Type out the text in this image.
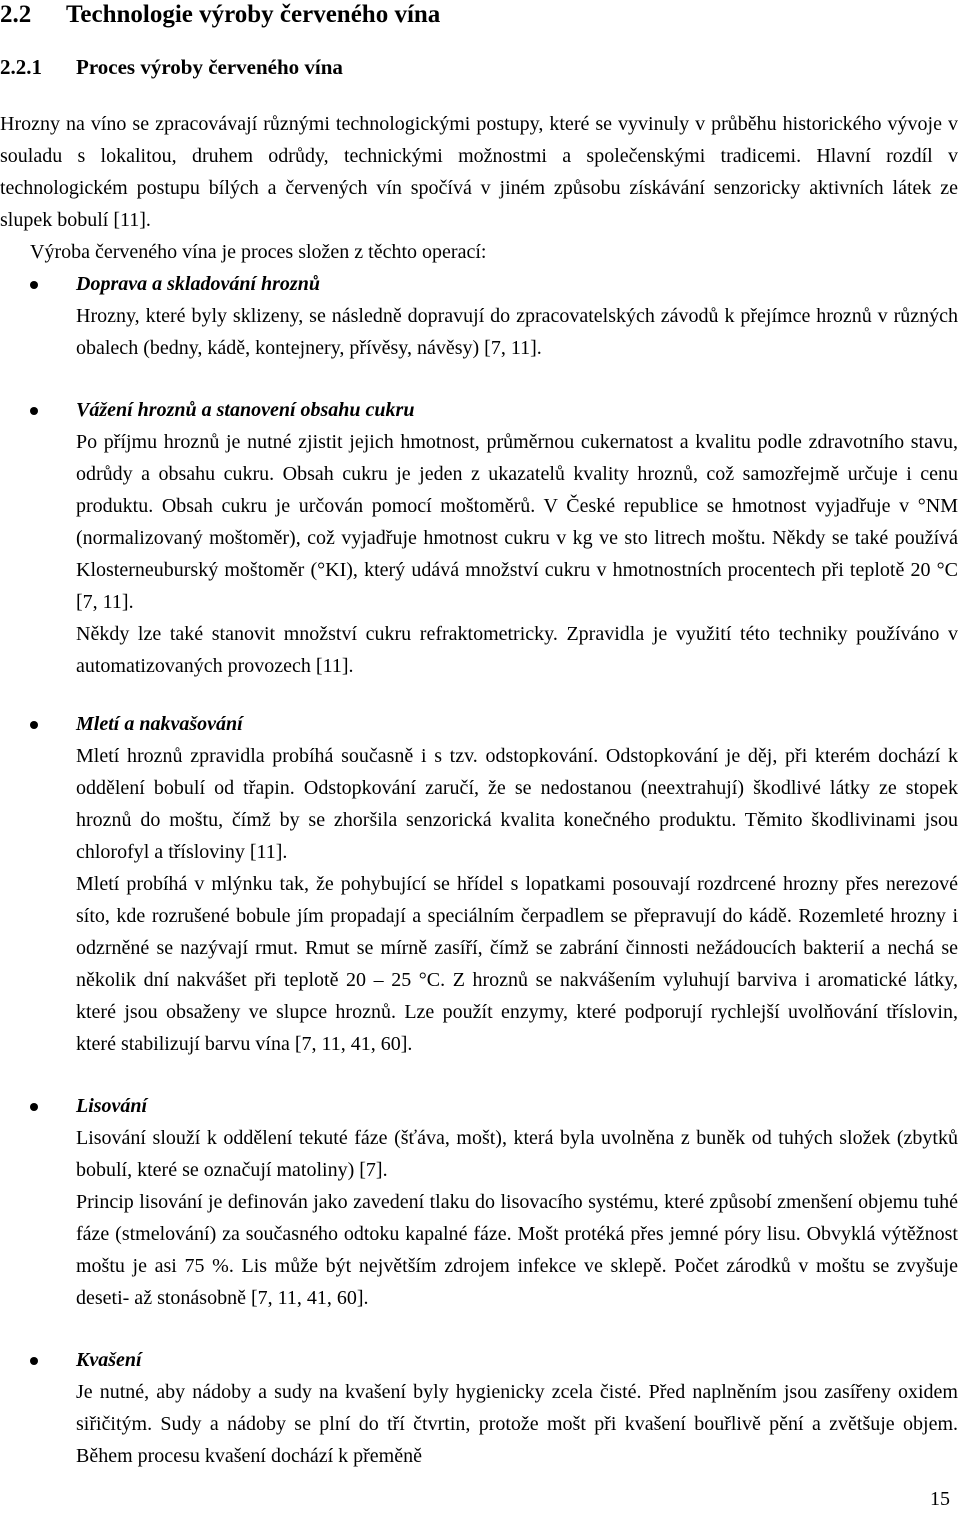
2.2 Technologie výroby červeného vína
2.2.1 Proces výroby červeného vína

Hrozny na víno se zpracovávají různými technologickými postupy, které se vyvinuly v průběhu historického vývoje v souladu s lokalitou, druhem odrůdy, technickými možnostmi a společenskými tradicemi. Hlavní rozdíl v technologickém postupu bílých a červených vín spočívá v jiném způsobu získávání senzoricky aktivních látek ze slupek bobulí [11].

Výroba červeného vína je proces složen z těchto operací:

Doprava a skladování hroznů

Hrozny, které byly sklizeny, se následně dopravují do zpracovatelských závodů k přejímce hroznů v různých obalech (bedny, kádě, kontejnery, přívěsy, návěsy) [7, 11].

Vážení hroznů a stanovení obsahu cukru

Po příjmu hroznů je nutné zjistit jejich hmotnost, průměrnou cukernatost a kvalitu podle zdravotního stavu, odrůdy a obsahu cukru. Obsah cukru je jeden z ukazatelů kvality hroznů, což samozřejmě určuje i cenu produktu. Obsah cukru je určován pomocí moštoměrů. V České republice se hmotnost vyjadřuje v °NM (normalizovaný moštoměr), což vyjadřuje hmotnost cukru v kg ve sto litrech moštu. Někdy se také používá Klosterneuburský moštoměr (°KI), který udává množství cukru v hmotnostních procentech při teplotě 20 °C [7, 11].

Někdy lze také stanovit množství cukru refraktometricky. Zpravidla je využití této techniky používáno v automatizovaných provozech [11].

Mletí a nakvašování

Mletí hroznů zpravidla probíhá současně i s tzv. odstopkování. Odstopkování je děj, při kterém dochází k oddělení bobulí od třapin. Odstopkování zaručí, že se nedostanou (neextrahují) škodlivé látky ze stopek hroznů do moštu, čímž by se zhoršila senzorická kvalita konečného produktu. Těmito škodlivinami jsou chlorofyl a třísloviny [11].

Mletí probíhá v mlýnku tak, že pohybující se hřídel s lopatkami posouvají rozdrcené hrozny přes nerezové síto, kde rozrušené bobule jím propadají a speciálním čerpadlem se přepravují do kádě. Rozemleté hrozny i odzrněné se nazývají rmut. Rmut se mírně zasíří, čímž se zabrání činnosti nežádoucích bakterií a nechá se několik dní nakvášet při teplotě 20 – 25 °C. Z hroznů se nakvášením vyluhují barviva i aromatické látky, které jsou obsaženy ve slupce hroznů. Lze použít enzymy, které podporují rychlejší uvolňování tříslovin, které stabilizují barvu vína [7, 11, 41, 60].

Lisování

Lisování slouží k oddělení tekuté fáze (šťáva, mošt), která byla uvolněna z buněk od tuhých složek (zbytků bobulí, které se označují matoliny) [7].

Princip lisování je definován jako zavedení tlaku do lisovacího systému, které způsobí zmenšení objemu tuhé fáze (stmelování) za současného odtoku kapalné fáze. Mošt protéká přes jemné póry lisu. Obvyklá výtěžnost moštu je asi 75 %. Lis může být největším zdrojem infekce ve sklepě. Počet zárodků v moštu se zvyšuje deseti- až stonásobně [7, 11, 41, 60].

Kvašení

Je nutné, aby nádoby a sudy na kvašení byly hygienicky zcela čisté. Před naplněním jsou zasířeny oxidem siřičitým. Sudy a nádoby se plní do tří čtvrtin, protože mošt při kvašení bouřlivě pění a zvětšuje objem. Během procesu kvašení dochází k přeměně

15
